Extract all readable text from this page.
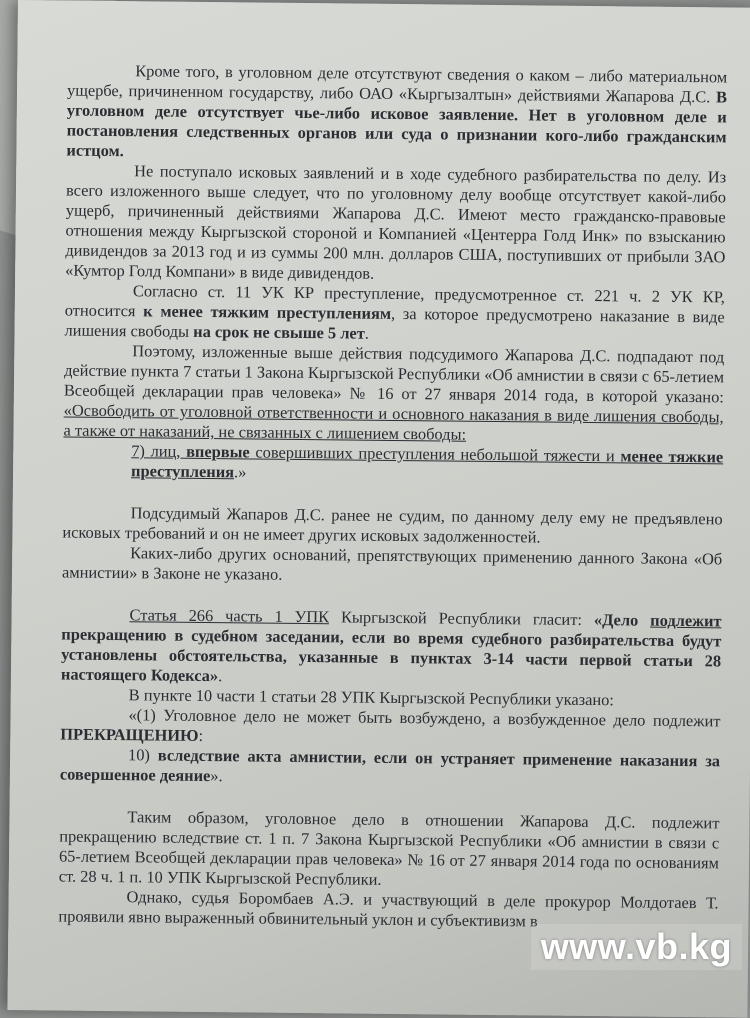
Кроме того, в уголовном деле отсутствуют сведения о каком – либо материальном ущербе, причиненном государству, либо ОАО «Кыргызалтын» действиями Жапарова Д.С. В уголовном деле отсутствует чье-либо исковое заявление. Нет в уголовном деле и постановления следственных органов или суда о признании кого-либо гражданским истцом.

Не поступало исковых заявлений и в ходе судебного разбирательства по делу. Из всего изложенного выше следует, что по уголовному делу вообще отсутствует какой-либо ущерб, причиненный действиями Жапарова Д.С. Имеют место гражданско-правовые отношения между Кыргызской стороной и Компанией «Центерра Голд Инк» по взысканию дивидендов за 2013 год и из суммы 200 млн. долларов США, поступивших от прибыли ЗАО «Кумтор Голд Компани» в виде дивидендов.

Согласно ст. 11 УК КР преступление, предусмотренное ст. 221 ч. 2 УК КР, относится к менее тяжким преступлениям, за которое предусмотрено наказание в виде лишения свободы на срок не свыше 5 лет.

Поэтому, изложенные выше действия подсудимого Жапарова Д.С. подпадают под действие пункта 7 статьи 1 Закона Кыргызской Республики «Об амнистии в связи с 65-летием Всеобщей декларации прав человека» № 16 от 27 января 2014 года, в которой указано: «Освободить от уголовной ответственности и основного наказания в виде лишения свободы, а также от наказаний, не связанных с лишением свободы:

7) лиц, впервые совершивших преступления небольшой тяжести и менее тяжкие преступления.»

Подсудимый Жапаров Д.С. ранее не судим, по данному делу ему не предъявлено исковых требований и он не имеет других исковых задолженностей.

Каких-либо других оснований, препятствующих применению данного Закона «Об амнистии» в Законе не указано.

Статья 266 часть 1 УПК Кыргызской Республики гласит: «Дело подлежит прекращению в судебном заседании, если во время судебного разбирательства будут установлены обстоятельства, указанные в пунктах 3-14 части первой статьи 28 настоящего Кодекса».

В пункте 10 части 1 статьи 28 УПК Кыргызской Республики указано:

«(1) Уголовное дело не может быть возбуждено, а возбужденное дело подлежит ПРЕКРАЩЕНИЮ:

10) вследствие акта амнистии, если он устраняет применение наказания за совершенное деяние».

Таким образом, уголовное дело в отношении Жапарова Д.С. подлежит прекращению вследствие ст. 1 п. 7 Закона Кыргызской Республики «Об амнистии в связи с 65-летием Всеобщей декларации прав человека» № 16 от 27 января 2014 года по основаниям ст. 28 ч. 1 п. 10 УПК Кыргызской Республики.

Однако, судья Боромбаев А.Э. и участвующий в деле прокурор Молдотаев Т. проявили явно выраженный обвинительный уклон и субъективизм в

www.vb.kg
